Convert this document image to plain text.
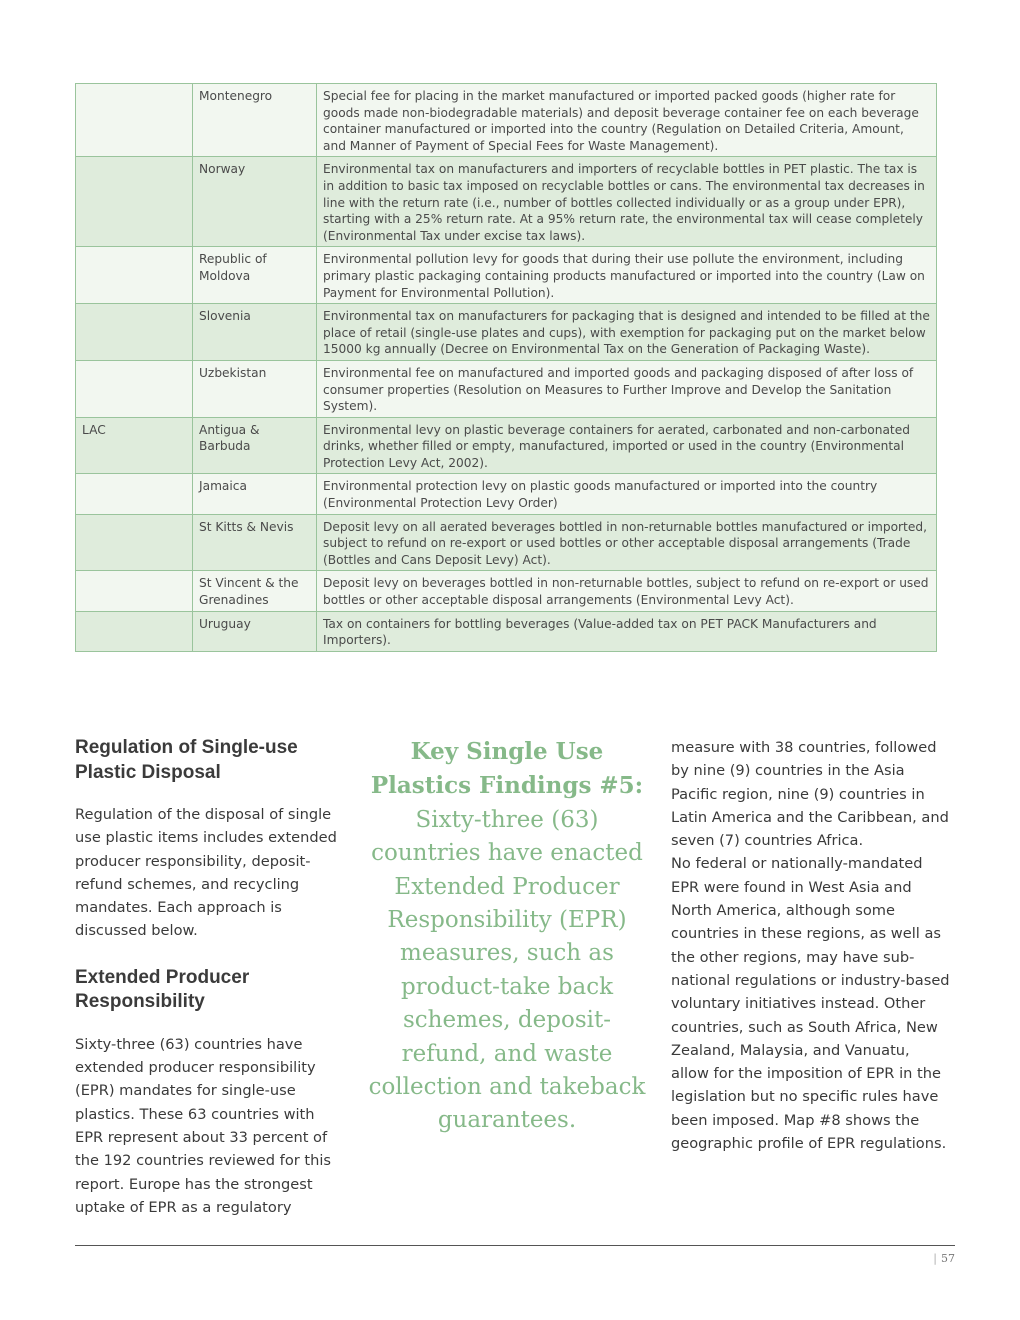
	Montenegro	Special fee for placing in the market manufactured or imported packed goods (higher rate for goods made non-biodegradable materials) and deposit beverage container fee on each beverage container manufactured or imported into the country (Regulation on Detailed Criteria, Amount, and Manner of Payment of Special Fees for Waste Management).
	Norway	Environmental tax on manufacturers and importers of recyclable bottles in PET plastic. The tax is in addition to basic tax imposed on recyclable bottles or cans. The environmental tax decreases in line with the return rate (i.e., number of bottles collected individually or as a group under EPR), starting with a 25% return rate. At a 95% return rate, the environmental tax will cease completely (Environmental Tax under excise tax laws).
	Republic of Moldova	Environmental pollution levy for goods that during their use pollute the environment, including primary plastic packaging containing products manufactured or imported into the country (Law on Payment for Environmental Pollution).
	Slovenia	Environmental tax on manufacturers for packaging that is designed and intended to be filled at the place of retail (single-use plates and cups), with exemption for packaging put on the market below 15000 kg annually (Decree on Environmental Tax on the Generation of Packaging Waste).
	Uzbekistan	Environmental fee on manufactured and imported goods and packaging disposed of after loss of consumer properties (Resolution on Measures to Further Improve and Develop the Sanitation System).
LAC	Antigua & Barbuda	Environmental levy on plastic beverage containers for aerated, carbonated and non-carbonated drinks, whether filled or empty, manufactured, imported or used in the country (Environmental Protection Levy Act, 2002).
	Jamaica	Environmental protection levy on plastic goods manufactured or imported into the country (Environmental Protection Levy Order)
	St Kitts & Nevis	Deposit levy on all aerated beverages bottled in non-returnable bottles manufactured or imported, subject to refund on re-export or used bottles or other acceptable disposal arrangements (Trade (Bottles and Cans Deposit Levy) Act).
	St Vincent & the Grenadines	Deposit levy on beverages bottled in non-returnable bottles, subject to refund on re-export or used bottles or other acceptable disposal arrangements (Environmental Levy Act).
	Uruguay	Tax on containers for bottling beverages (Value-added tax on PET PACK Manufacturers and Importers).
Regulation of Single-use Plastic Disposal

Regulation of the disposal of single use plastic items includes extended producer responsibility, deposit-refund schemes, and recycling mandates. Each approach is discussed below.

Extended Producer Responsibility

Sixty-three (63) countries have extended producer responsibility (EPR) mandates for single-use plastics. These 63 countries with EPR represent about 33 percent of the 192 countries reviewed for this report. Europe has the strongest uptake of EPR as a regulatory

Key Single Use Plastics Findings #5: Sixty-three (63) countries have enacted Extended Producer Responsibility (EPR) measures, such as product-take back schemes, deposit-refund, and waste collection and takeback guarantees.

measure with 38 countries, followed by nine (9) countries in the Asia Pacific region, nine (9) countries in Latin America and the Caribbean, and seven (7) countries Africa.

No federal or nationally-mandated EPR were found in West Asia and North America, although some countries in these regions, as well as the other regions, may have sub-national regulations or industry-based voluntary initiatives instead. Other countries, such as South Africa, New Zealand, Malaysia, and Vanuatu, allow for the imposition of EPR in the legislation but no specific rules have been imposed. Map #8 shows the geographic profile of EPR regulations.

| 57
